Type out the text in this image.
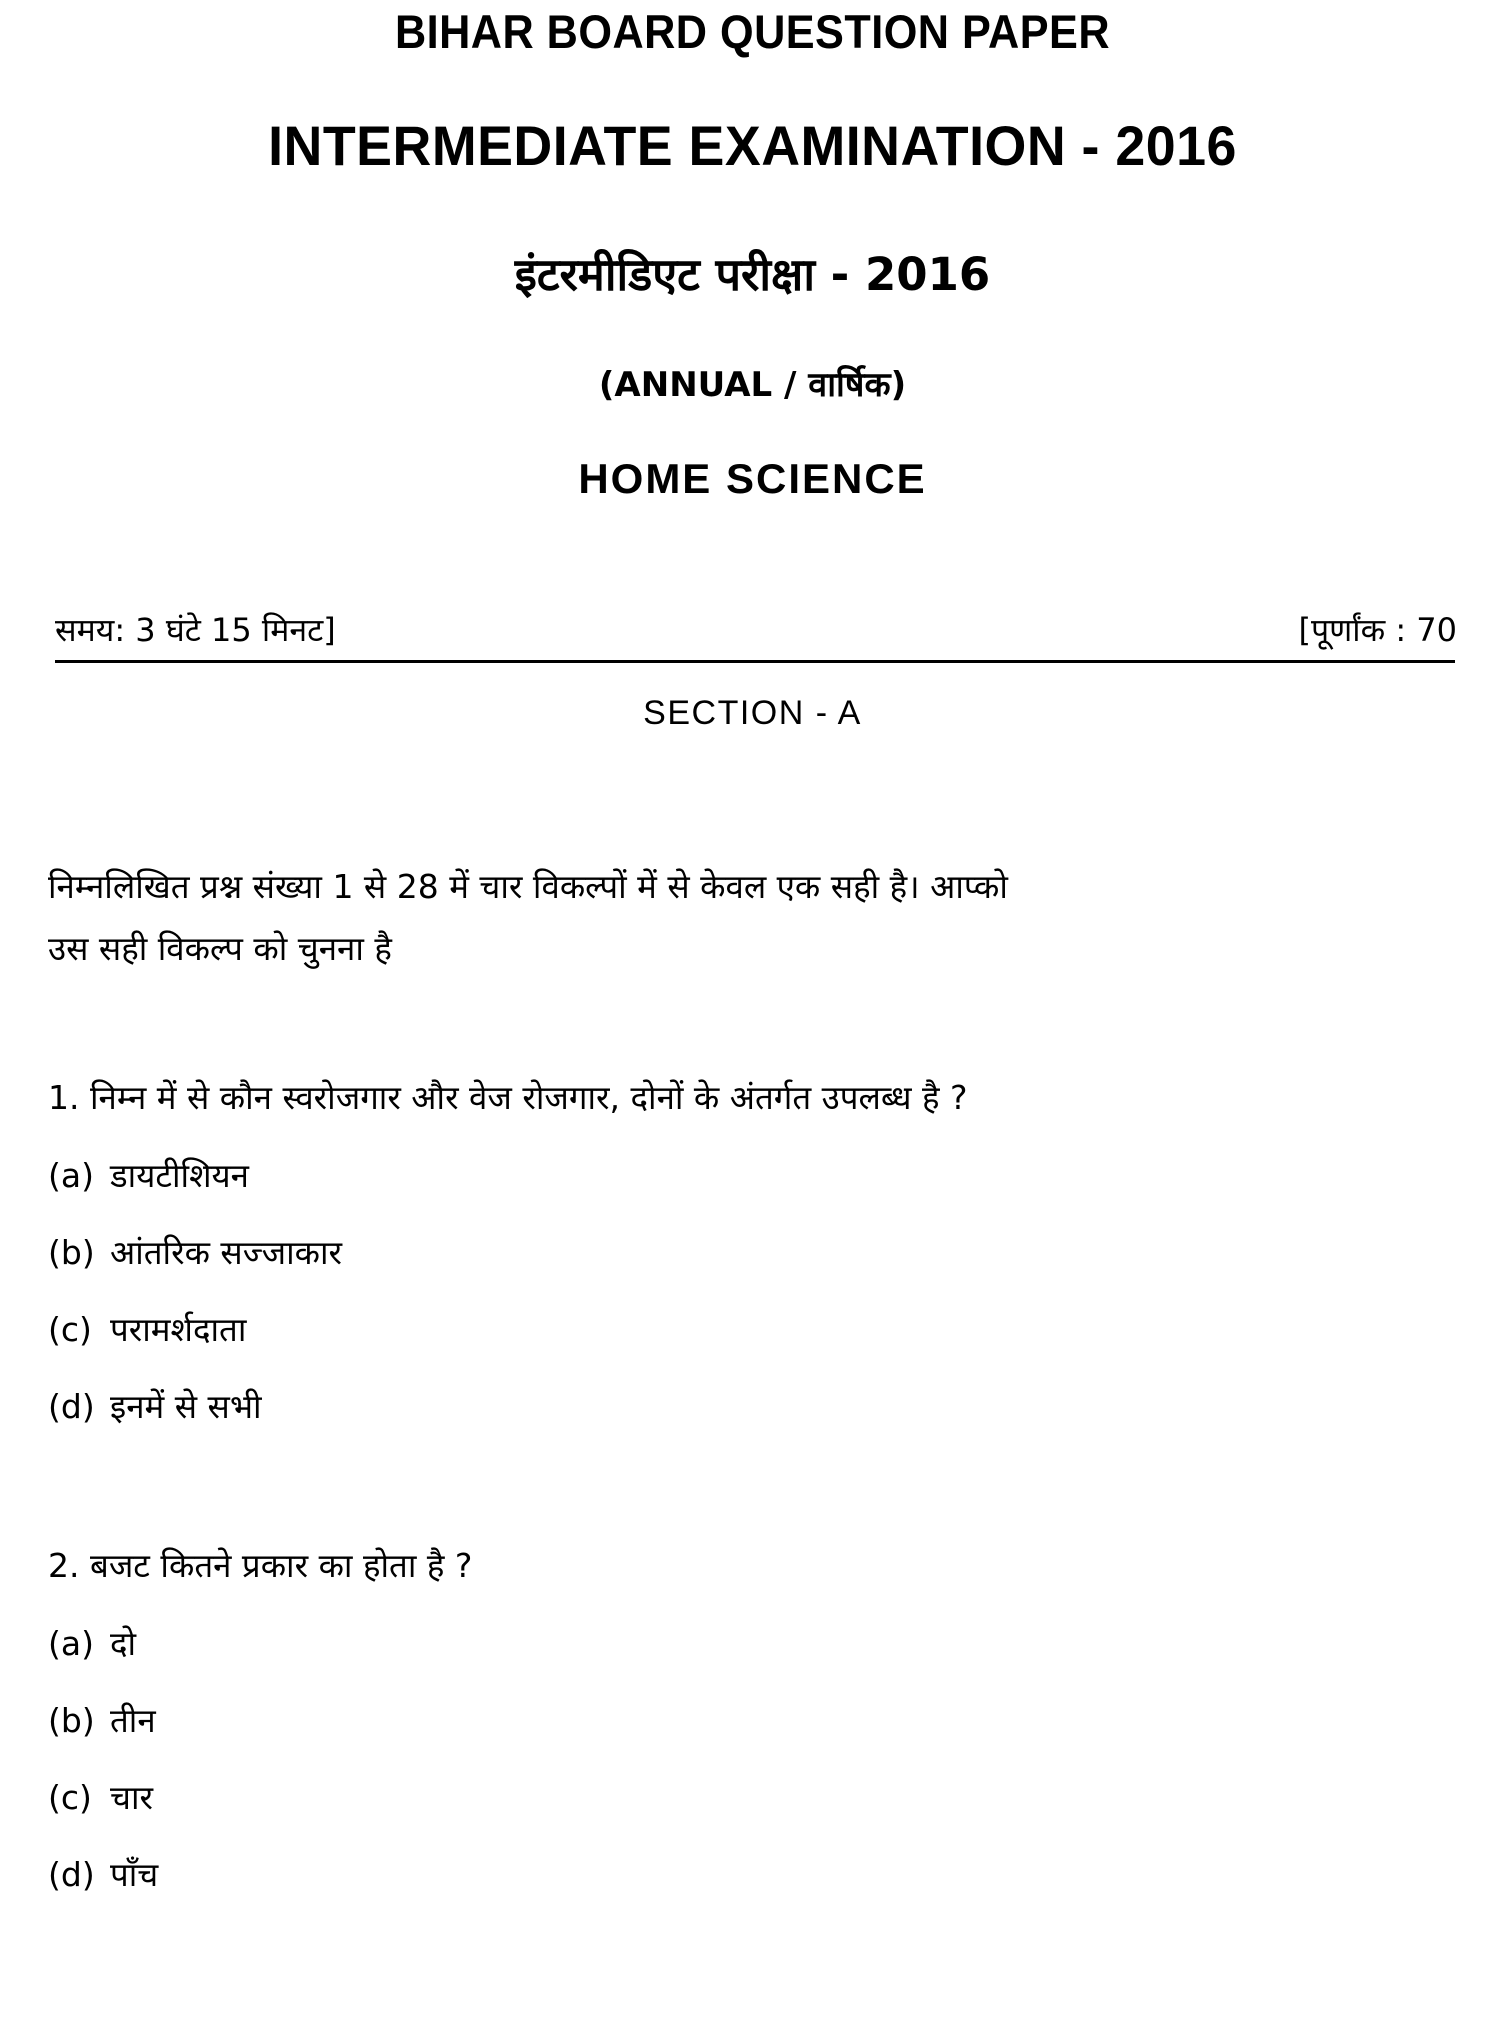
BIHAR BOARD QUESTION PAPER
INTERMEDIATE EXAMINATION - 2016
इंटरमीडिएट परीक्षा - 2016
(ANNUAL / वार्षिक)
HOME SCIENCE
समय: 3 घंटे 15 मिनट]	[पूर्णांक : 70
SECTION - A
निम्नलिखित प्रश्न संख्या 1 से 28 में चार विकल्पों में से केवल एक सही है। आप्को
उस सही विकल्प को चुनना है

1. निम्न में से कौन स्वरोजगार और वेज रोजगार, दोनों के अंतर्गत उपलब्ध है ?

(a) डायटीशियन
(b) आंतरिक सज्जाकार
(c) परामर्शदाता
(d) इनमें से सभी

2. बजट कितने प्रकार का होता है ?

(a) दो
(b) तीन
(c) चार
(d) पाँच
